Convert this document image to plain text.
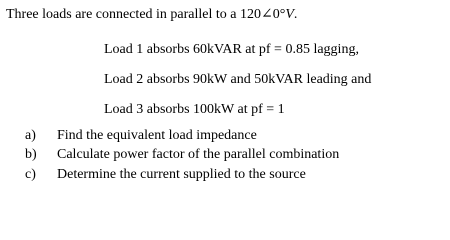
Three loads are connected in parallel to a 120∠0°V.
Load 1 absorbs 60kVAR at pf = 0.85 lagging,
Load 2 absorbs 90kW and 50kVAR leading and
Load 3 absorbs 100kW at pf = 1
a) Find the equivalent load impedance
b) Calculate power factor of the parallel combination
c) Determine the current supplied to the source
